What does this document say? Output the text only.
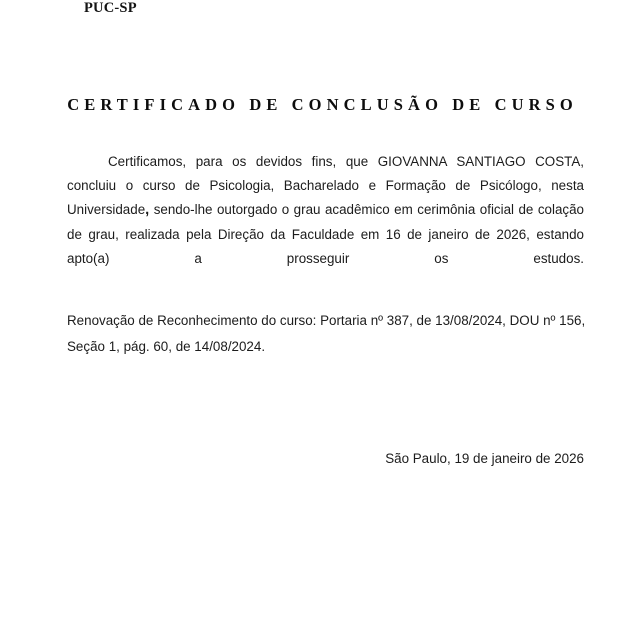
PUC-SP
CERTIFICADO DE CONCLUSÃO DE CURSO

Certificamos, para os devidos fins, que GIOVANNA SANTIAGO COSTA, concluiu o curso de Psicologia, Bacharelado e Formação de Psicólogo, nesta Universidade, sendo-lhe outorgado o grau acadêmico em cerimônia oficial de colação de grau, realizada pela Direção da Faculdade em 16 de janeiro de 2026, estando apto(a) a prosseguir os estudos.

Renovação de Reconhecimento do curso: Portaria nº 387, de 13/08/2024, DOU nº 156, Seção 1, pág. 60, de 14/08/2024.

São Paulo, 19 de janeiro de 2026
